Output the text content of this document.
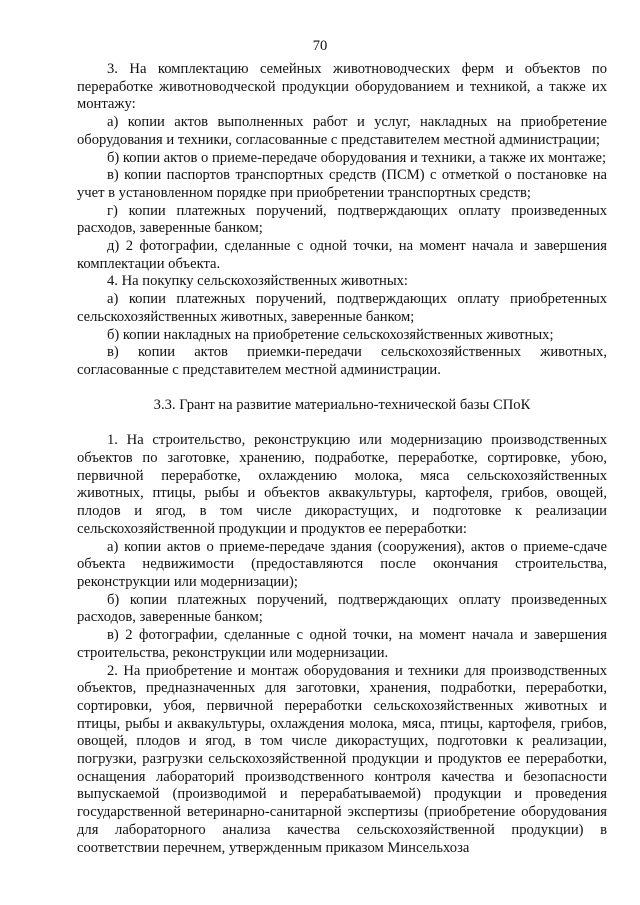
70

3. На комплектацию семейных животноводческих ферм и объектов по переработке животноводческой продукции оборудованием и техникой, а также их монтажу:

а) копии актов выполненных работ и услуг, накладных на приобретение оборудования и техники, согласованные с представителем местной администрации;

б) копии актов о приеме-передаче оборудования и техники, а также их монтаже;

в) копии паспортов транспортных средств (ПСМ) с отметкой о постановке на учет в установленном порядке при приобретении транспортных средств;

г) копии платежных поручений, подтверждающих оплату произведенных расходов, заверенные банком;

д) 2 фотографии, сделанные с одной точки, на момент начала и завершения комплектации объекта.

4. На покупку сельскохозяйственных животных:

а) копии платежных поручений, подтверждающих оплату приобретенных сельскохозяйственных животных, заверенные банком;

б) копии накладных на приобретение сельскохозяйственных животных;

в) копии актов приемки-передачи сельскохозяйственных животных, согласованные с представителем местной администрации.

3.3. Грант на развитие материально-технической базы СПоК

1. На строительство, реконструкцию или модернизацию производственных объектов по заготовке, хранению, подработке, переработке, сортировке, убою, первичной переработке, охлаждению молока, мяса сельскохозяйственных животных, птицы, рыбы и объектов аквакультуры, картофеля, грибов, овощей, плодов и ягод, в том числе дикорастущих, и подготовке к реализации сельскохозяйственной продукции и продуктов ее переработки:

а) копии актов о приеме-передаче здания (сооружения), актов о приеме-сдаче объекта недвижимости (предоставляются после окончания строительства, реконструкции или модернизации);

б) копии платежных поручений, подтверждающих оплату произведенных расходов, заверенные банком;

в) 2 фотографии, сделанные с одной точки, на момент начала и завершения строительства, реконструкции или модернизации.

2. На приобретение и монтаж оборудования и техники для производственных объектов, предназначенных для заготовки, хранения, подработки, переработки, сортировки, убоя, первичной переработки сельскохозяйственных животных и птицы, рыбы и аквакультуры, охлаждения молока, мяса, птицы, картофеля, грибов, овощей, плодов и ягод, в том числе дикорастущих, подготовки к реализации, погрузки, разгрузки сельскохозяйственной продукции и продуктов ее переработки, оснащения лабораторий производственного контроля качества и безопасности выпускаемой (производимой и перерабатываемой) продукции и проведения государственной ветеринарно-санитарной экспертизы (приобретение оборудования для лабораторного анализа качества сельскохозяйственной продукции) в соответствии перечнем, утвержденным приказом Минсельхоза
